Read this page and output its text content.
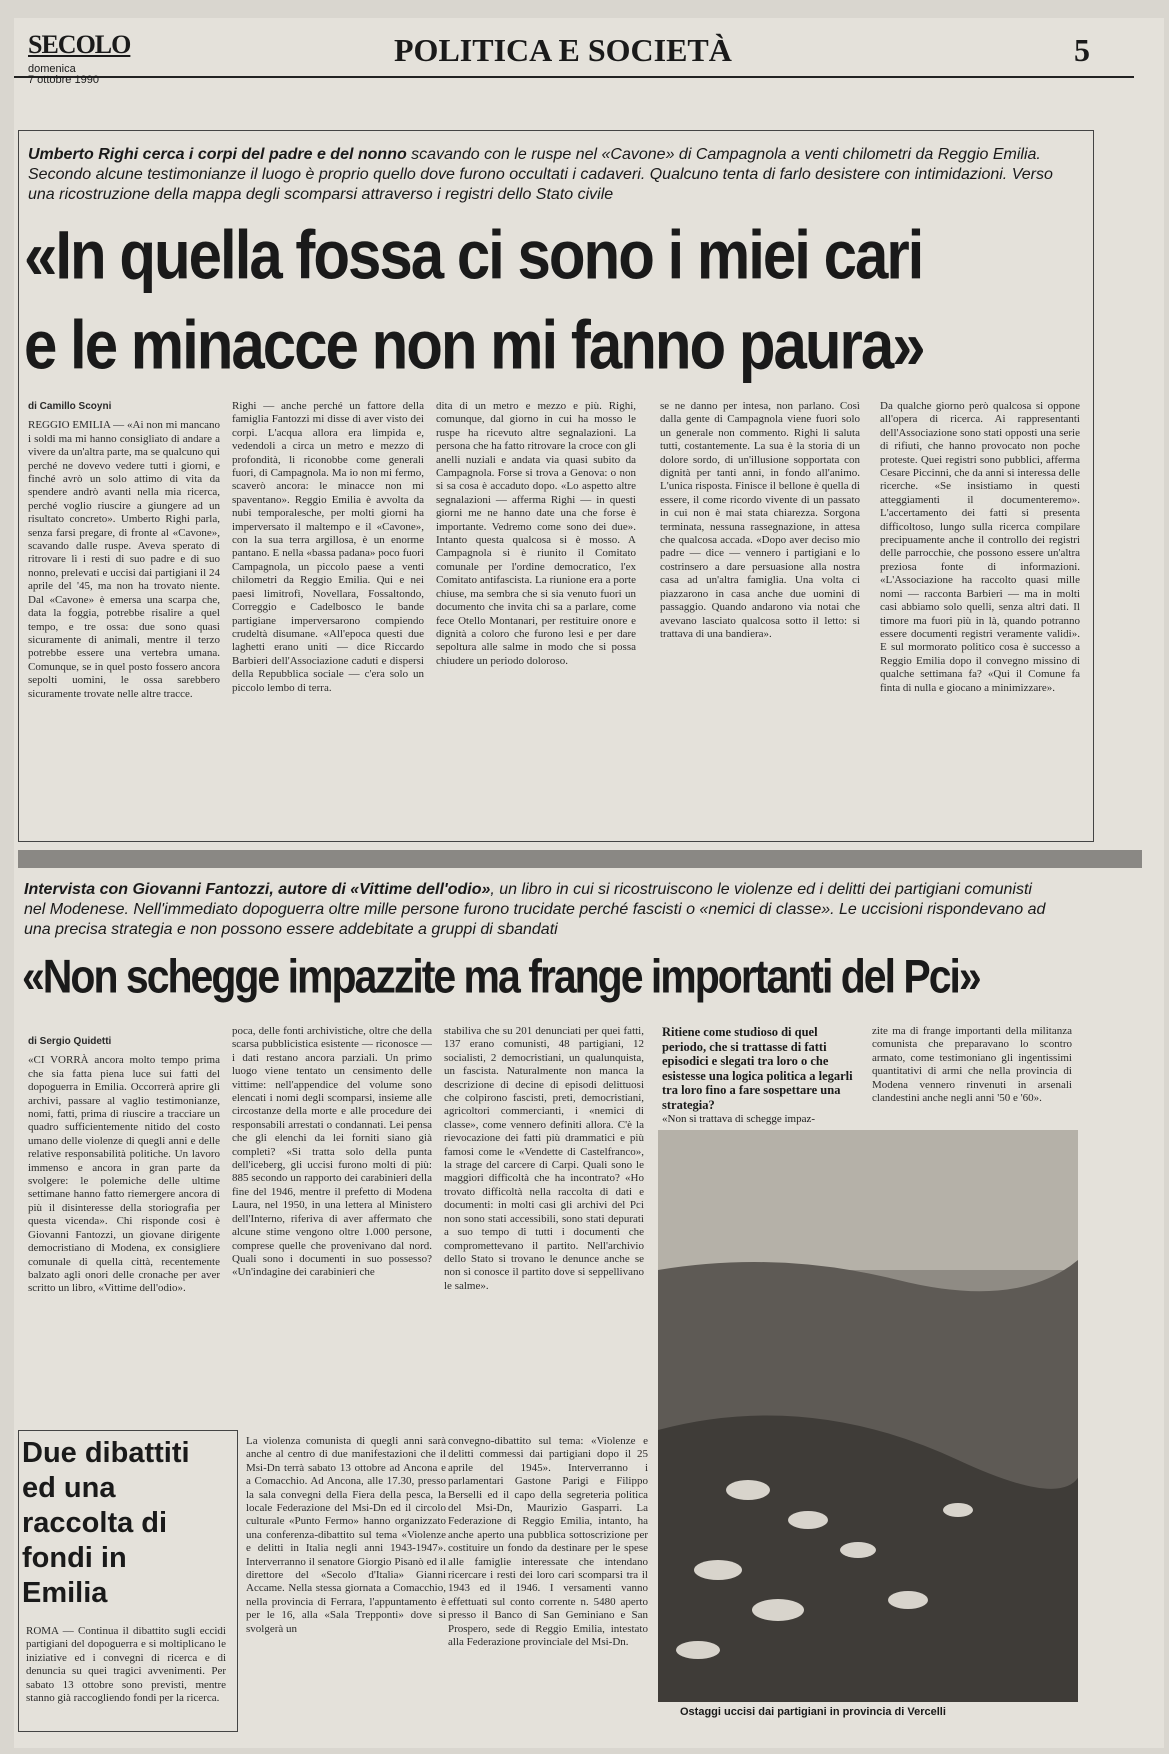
SECOLO
domenica
7 ottobre 1990
POLITICA E SOCIETÀ	5
Umberto Righi cerca i corpi del padre e del nonno scavando con le ruspe nel «Cavone» di Campagnola a venti chilometri da Reggio Emilia. Secondo alcune testimonianze il luogo è proprio quello dove furono occultati i cadaveri. Qualcuno tenta di farlo desistere con intimidazioni. Verso una ricostruzione della mappa degli scomparsi attraverso i registri dello Stato civile
«In quella fossa ci sono i miei cari
e le minacce non mi fanno paura»
di Camillo Scoyni
REGGIO EMILIA — «Ai non mi mancano i soldi ma mi hanno consigliato di andare a vivere da un'altra parte, ma se qualcuno qui perché ne dovevo vedere tutti i giorni, e finché avrò un solo attimo di vita da spendere andrò avanti nella mia ricerca, perché voglio riuscire a giungere ad un risultato concreto». Umberto Righi parla, senza farsi pregare, di fronte al «Cavone», scavando dalle ruspe. Aveva sperato di ritrovare lì i resti di suo padre e di suo nonno, prelevati e uccisi dai partigiani il 24 aprile del '45, ma non ha trovato niente. Dal «Cavone» è emersa una scarpa che, data la foggia, potrebbe risalire a quel tempo, e tre ossa: due sono quasi sicuramente di animali, mentre il terzo potrebbe essere una vertebra umana. Comunque, se in quel posto fossero ancora sepolti uomini, le ossa sarebbero sicuramente trovate nelle altre tracce.
Righi — anche perché un fattore della famiglia Fantozzi mi disse di aver visto dei corpi. L'acqua allora era limpida e, vedendoli a circa un metro e mezzo di profondità, li riconobbe come generali fuori, di Campagnola. Ma io non mi fermo, scaverò ancora: le minacce non mi spaventano». Reggio Emilia è avvolta da nubi temporalesche, per molti giorni ha imperversato il maltempo e il «Cavone», con la sua terra argillosa, è un enorme pantano. E nella «bassa padana» poco fuori Campagnola, un piccolo paese a venti chilometri da Reggio Emilia. Qui e nei paesi limitrofi, Novellara, Fossaltondo, Correggio e Cadelbosco le bande partigiane imperversarono compiendo crudeltà disumane. «All'epoca questi due laghetti erano uniti — dice Riccardo Barbieri dell'Associazione caduti e dispersi della Repubblica sociale — c'era solo un piccolo lembo di terra.
dita di un metro e mezzo e più. Righi, comunque, dal giorno in cui ha mosso le ruspe ha ricevuto altre segnalazioni. La persona che ha fatto ritrovare la croce con gli anelli nuziali e andata via quasi subito da Campagnola. Forse si trova a Genova: o non si sa cosa è accaduto dopo. «Lo aspetto altre segnalazioni — afferma Righi — in questi giorni me ne hanno date una che forse è importante. Vedremo come sono dei due». Intanto questa qualcosa si è mosso. A Campagnola si è riunito il Comitato comunale per l'ordine democratico, l'ex Comitato antifascista. La riunione era a porte chiuse, ma sembra che si sia venuto fuori un documento che invita chi sa a parlare, come fece Otello Montanari, per restituire onore e dignità a coloro che furono lesi e per dare sepoltura alle salme in modo che si possa chiudere un periodo doloroso.
se ne danno per intesa, non parlano. Così dalla gente di Campagnola viene fuori solo un generale non commento. Righi li saluta tutti, costantemente. La sua è la storia di un dolore sordo, di un'illusione sopportata con dignità per tanti anni, in fondo all'animo. L'unica risposta. Finisce il bellone è quella di essere, il come ricordo vivente di un passato in cui non è mai stata chiarezza. Sorgona terminata, nessuna rassegnazione, in attesa che qualcosa accada. «Dopo aver deciso mio padre — dice — vennero i partigiani e lo costrinsero a dare persuasione alla nostra casa ad un'altra famiglia. Una volta ci piazzarono in casa anche due uomini di passaggio. Quando andarono via notai che avevano lasciato qualcosa sotto il letto: si trattava di una bandiera».
Da qualche giorno però qualcosa si oppone all'opera di ricerca. Ai rappresentanti dell'Associazione sono stati opposti una serie di rifiuti, che hanno provocato non poche proteste. Quei registri sono pubblici, afferma Cesare Piccinni, che da anni si interessa delle ricerche. «Se insistiamo in questi atteggiamenti il documenteremo». L'accertamento dei fatti si presenta difficoltoso, lungo sulla ricerca compilare precipuamente anche il controllo dei registri delle parrocchie, che possono essere un'altra preziosa fonte di informazioni. «L'Associazione ha raccolto quasi mille nomi — racconta Barbieri — ma in molti casi abbiamo solo quelli, senza altri dati. Il timore ma fuori più in là, quando potranno essere documenti registri veramente validi». E sul mormorato politico cosa è successo a Reggio Emilia dopo il convegno missino di qualche settimana fa? «Qui il Comune fa finta di nulla e giocano a minimizzare».
Intervista con Giovanni Fantozzi, autore di «Vittime dell'odio», un libro in cui si ricostruiscono le violenze ed i delitti dei partigiani comunisti nel Modenese. Nell'immediato dopoguerra oltre mille persone furono trucidate perché fascisti o «nemici di classe». Le uccisioni rispondevano ad una precisa strategia e non possono essere addebitate a gruppi di sbandati
«Non schegge impazzite ma frange importanti del Pci»
di Sergio Quidetti
«CI VORRÀ ancora molto tempo prima che sia fatta piena luce sui fatti del dopoguerra in Emilia. Occorrerà aprire gli archivi, passare al vaglio testimonianze, nomi, fatti, prima di riuscire a tracciare un quadro sufficientemente nitido del costo umano delle violenze di quegli anni e delle relative responsabilità politiche. Un lavoro immenso e ancora in gran parte da svolgere: le polemiche delle ultime settimane hanno fatto riemergere ancora di più il disinteresse della storiografia per questa vicenda». Chi risponde così è Giovanni Fantozzi, un giovane dirigente democristiano di Modena, ex consigliere comunale di quella città, recentemente balzato agli onori delle cronache per aver scritto un libro, «Vittime dell'odio».
poca, delle fonti archivistiche, oltre che della scarsa pubblicistica esistente — riconosce — i dati restano ancora parziali. Un primo luogo viene tentato un censimento delle vittime: nell'appendice del volume sono elencati i nomi degli scomparsi, insieme alle circostanze della morte e alle procedure dei responsabili arrestati o condannati. Lei pensa che gli elenchi da lei forniti siano già completi? «Si tratta solo della punta dell'iceberg, gli uccisi furono molti di più: 885 secondo un rapporto dei carabinieri della fine del 1946, mentre il prefetto di Modena Laura, nel 1950, in una lettera al Ministero dell'Interno, riferiva di aver affermato che alcune stime vengono oltre 1.000 persone, comprese quelle che provenivano dal nord. Quali sono i documenti in suo possesso? «Un'indagine dei carabinieri che
stabiliva che su 201 denunciati per quei fatti, 137 erano comunisti, 48 partigiani, 12 socialisti, 2 democristiani, un qualunquista, un fascista. Naturalmente non manca la descrizione di decine di episodi delittuosi che colpirono fascisti, preti, democristiani, agricoltori commercianti, i «nemici di classe», come vennero definiti allora. C'è la rievocazione dei fatti più drammatici e più famosi come le «Vendette di Castelfranco», la strage del carcere di Carpi. Quali sono le maggiori difficoltà che ha incontrato? «Ho trovato difficoltà nella raccolta di dati e documenti: in molti casi gli archivi del Pci non sono stati accessibili, sono stati depurati a suo tempo di tutti i documenti che compromettevano il partito. Nell'archivio dello Stato si trovano le denunce anche se non si conosce il partito dove si seppellivano le salme».
Ritiene come studioso di quel periodo, che si trattasse di fatti episodici e slegati tra loro o che esistesse una logica politica a legarli tra loro fino a fare sospettare una strategia?
«Non si trattava di schegge impaz-
zite ma di frange importanti della militanza comunista che preparavano lo scontro armato, come testimoniano gli ingentissimi quantitativi di armi che nella provincia di Modena vennero rinvenuti in arsenali clandestini anche negli anni '50 e '60».
Ostaggi uccisi dai partigiani in provincia di Vercelli
Due dibattiti ed una raccolta di fondi in Emilia
ROMA — Continua il dibattito sugli eccidi partigiani del dopoguerra e si moltiplicano le iniziative ed i convegni di ricerca e di denuncia su quei tragici avvenimenti. Per sabato 13 ottobre sono previsti, mentre stanno già raccogliendo fondi per la ricerca.
La violenza comunista di quegli anni sarà anche al centro di due manifestazioni che il Msi-Dn terrà sabato 13 ottobre ad Ancona e a Comacchio. Ad Ancona, alle 17.30, presso la sala convegni della Fiera della pesca, la locale Federazione del Msi-Dn ed il circolo culturale «Punto Fermo» hanno organizzato una conferenza-dibattito sul tema «Violenze e delitti in Italia negli anni 1943-1947». Interverranno il senatore Giorgio Pisanò ed il direttore del «Secolo d'Italia» Gianni Accame. Nella stessa giornata a Comacchio, nella provincia di Ferrara, l'appuntamento è per le 16, alla «Sala Trepponti» dove si svolgerà un
convegno-dibattito sul tema: «Violenze e delitti commessi dai partigiani dopo il 25 aprile del 1945». Interverranno i parlamentari Gastone Parigi e Filippo Berselli ed il capo della segreteria politica del Msi-Dn, Maurizio Gasparri. La Federazione di Reggio Emilia, intanto, ha anche aperto una pubblica sottoscrizione per costituire un fondo da destinare per le spese alle famiglie interessate che intendano ricercare i resti dei loro cari scomparsi tra il 1943 ed il 1946. I versamenti vanno effettuati sul conto corrente n. 5480 aperto presso il Banco di San Geminiano e San Prospero, sede di Reggio Emilia, intestato alla Federazione provinciale del Msi-Dn.
